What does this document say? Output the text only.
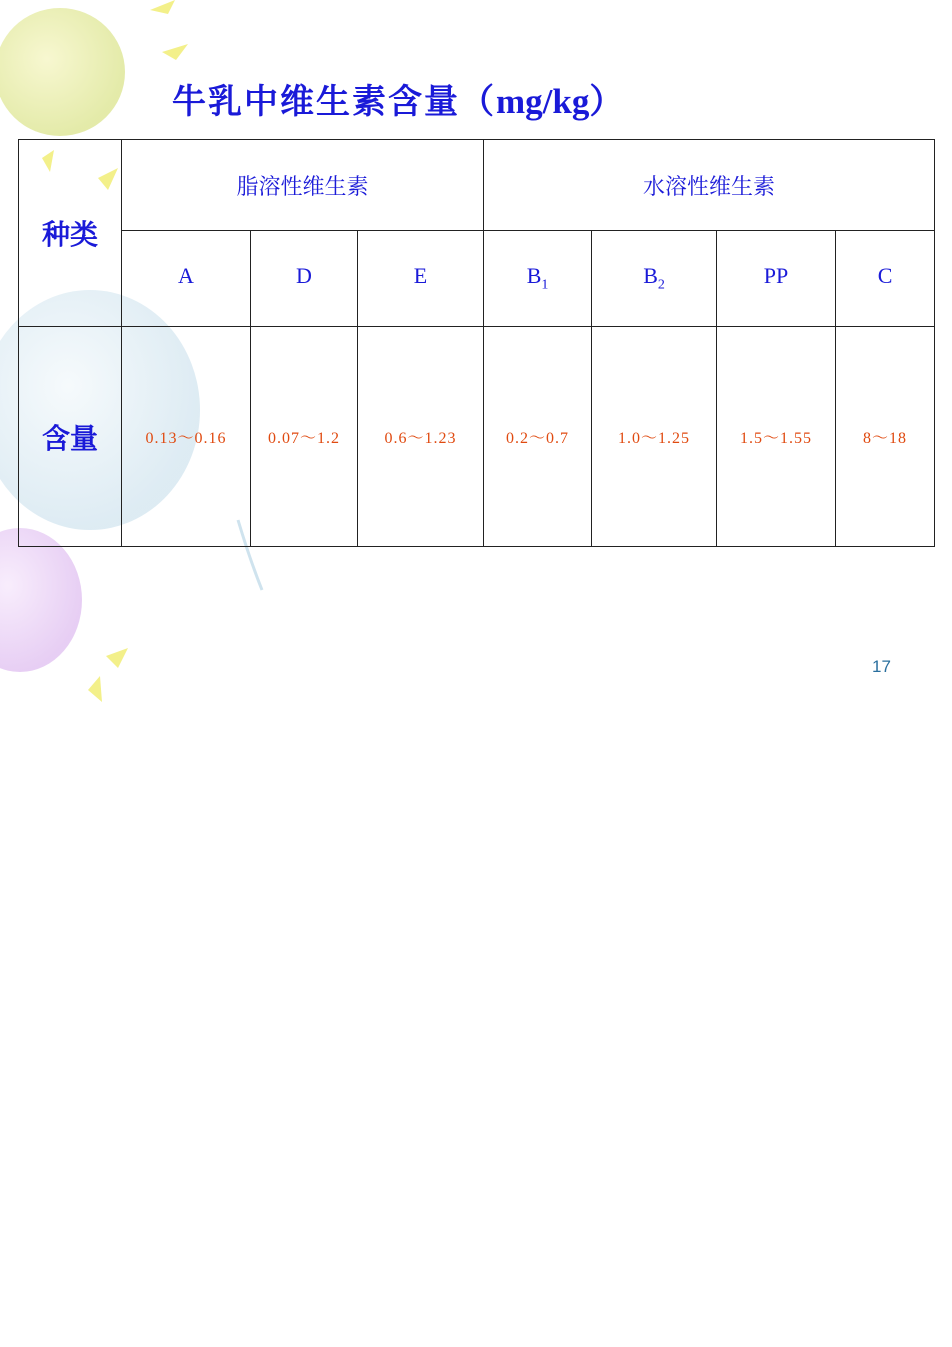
牛乳中维生素含量（mg/kg）
种类	脂溶性维生素			水溶性维生素			
	A	D	E	$B_1$	$B_2$	PP	C
含量	0.13～0.16	0.07～1.2	0.6～1.23	0.2～0.7	1.0～1.25	1.5～1.55	8～18
17
